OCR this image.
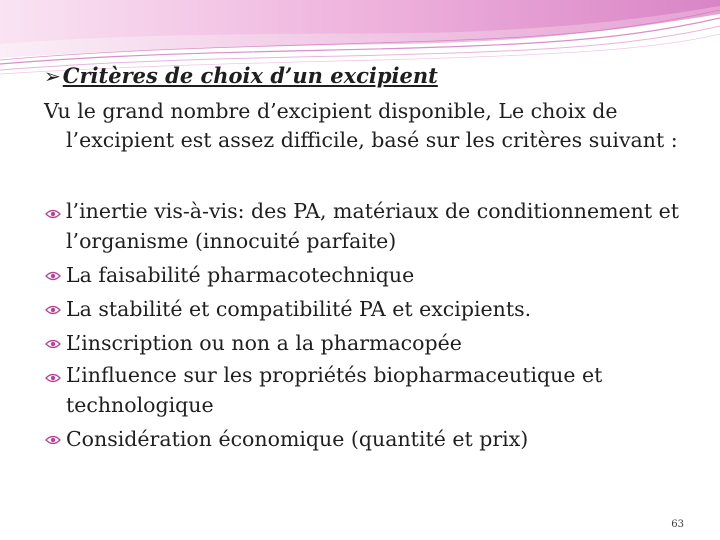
➢Critères de choix d’un excipient

Vu le grand nombre d’excipient disponible, Le choix de l’excipient est assez difficile, basé sur les critères suivant :

l’inertie vis-à-vis: des PA, matériaux de conditionnement et l’organisme (innocuité parfaite)
La faisabilité pharmacotechnique
La stabilité et compatibilité PA et excipients.
L’inscription ou non a la pharmacopée
L’influence sur les propriétés biopharmaceutique et technologique
Considération économique (quantité et prix)
63
